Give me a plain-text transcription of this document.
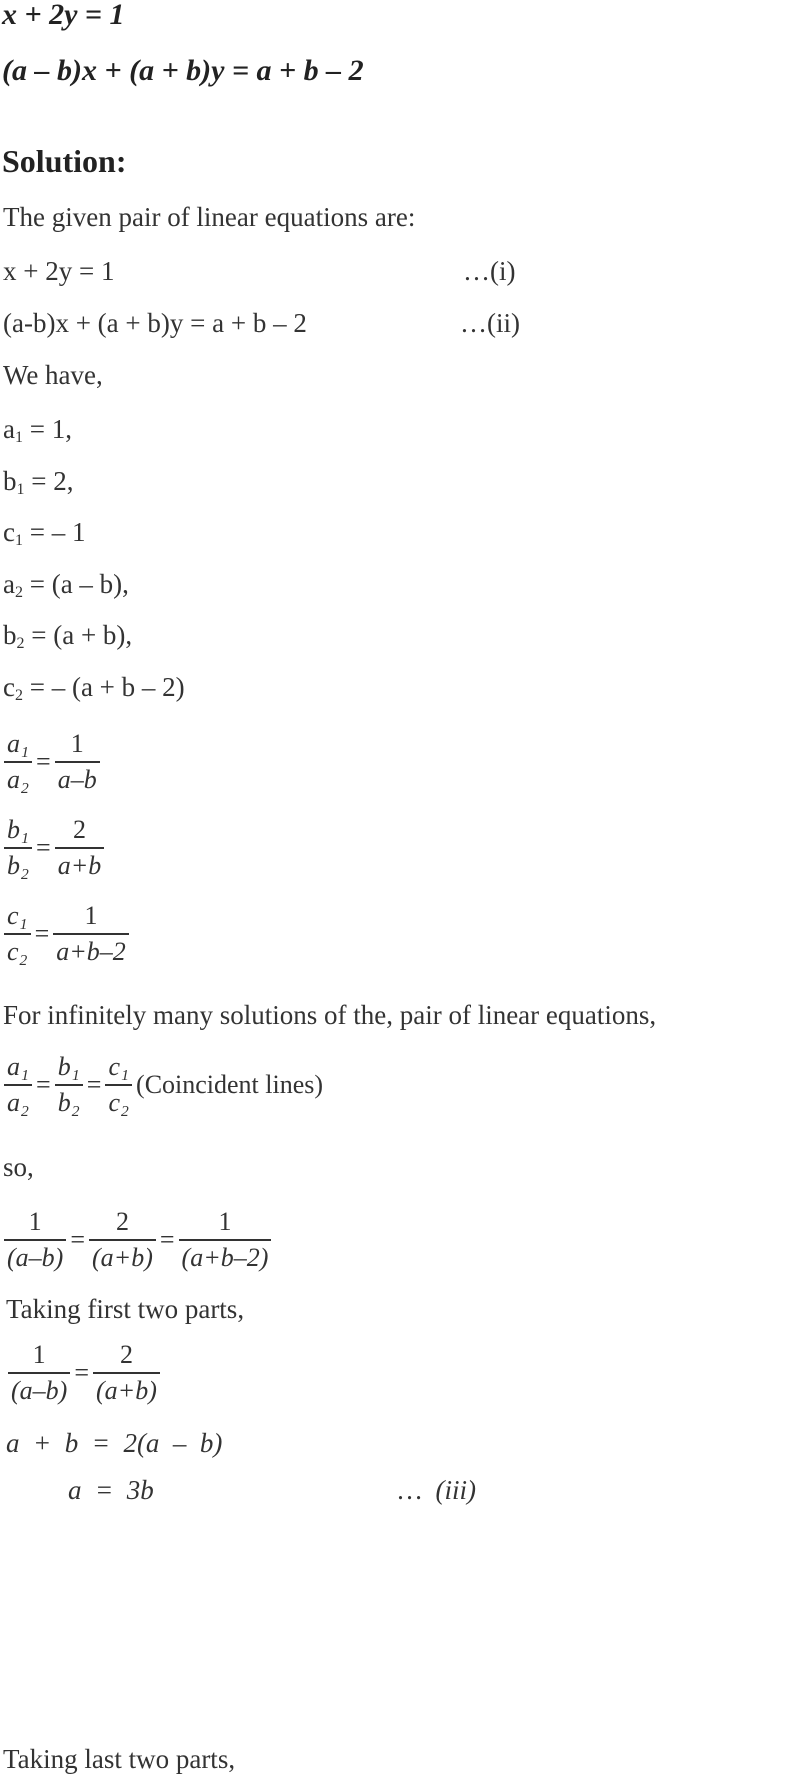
x + 2y = 1
(a – b)x + (a + b)y = a + b – 2
Solution:
The given pair of linear equations are:
x + 2y = 1	…(i)
(a-b)x + (a + b)y = a + b – 2	…(ii)
We have,
$a_1 = 1$,
$b_1 = 2$,
$c_1$ = – 1
$a_2 = (a - b)$,
$b_2 = (a + b)$,
$c_2$ = – (a + b – 2)
$\frac{\text{a₁}}{\text{a₂}} = \frac{1}{a-b}$
$\frac{\text{b₁}}{\text{b₂}} = \frac{2}{a+b}$
$\frac{\text{c₁}}{\text{c₂}} = \frac{1}{a+b-2}$
For infinitely many solutions of the, pair of linear equations,
$\frac{\text{a₁}}{\text{a₂}} = \frac{\text{b₁}}{\text{b₂}} = \frac{\text{c₁}}{\text{c₂}}$ (Coincident lines)
so,
$\frac{1}{(a-b)} = \frac{2}{(a+b)} = \frac{1}{(a+b-2)}$
Taking first two parts,
$\frac{1}{(a-b)} = \frac{2}{(a+b)}$
a  +  b  =  2(a  –  b)
a  =  3b	…  (iii)
Taking last two parts,
